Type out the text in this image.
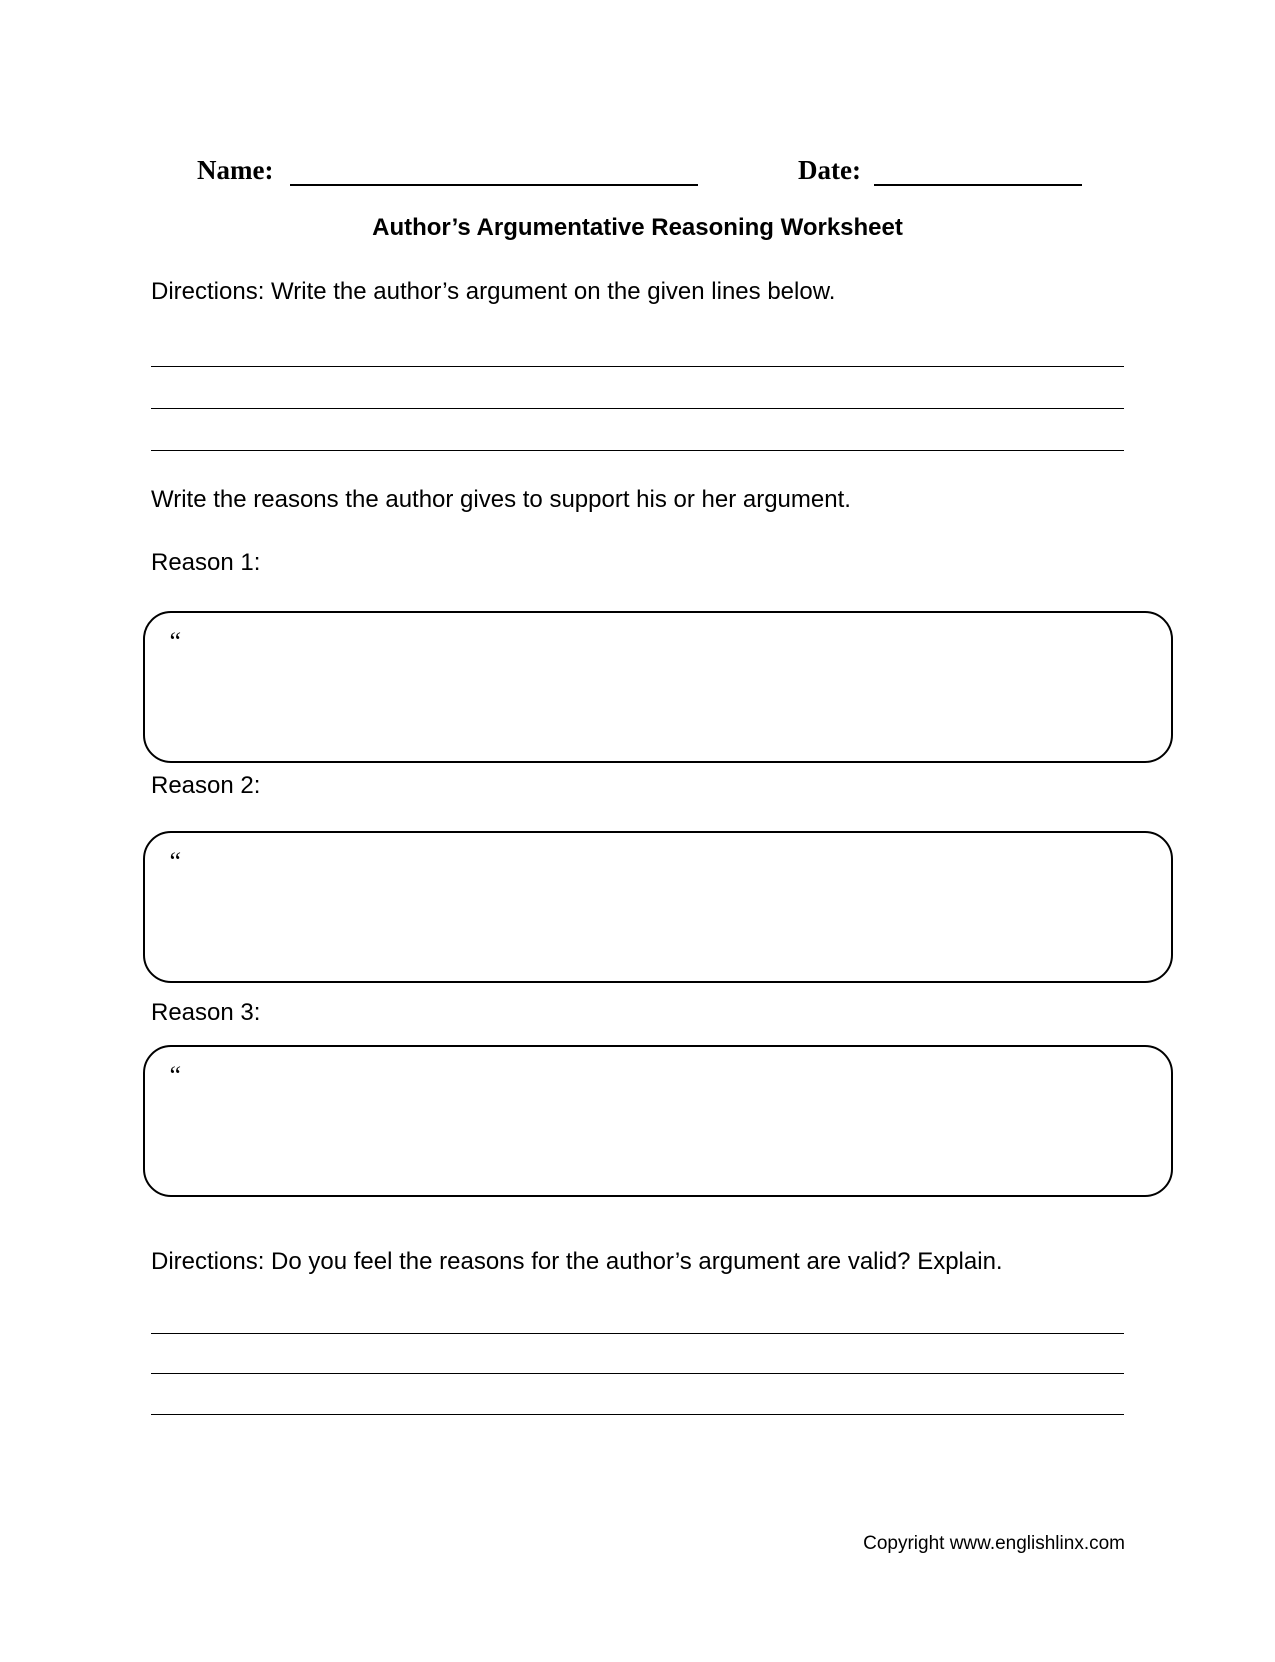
Name:	Date:
Author’s Argumentative Reasoning Worksheet
Directions: Write the author’s argument on the given lines below.
Write the reasons the author gives to support his or her argument.
Reason 1:
“
Reason 2:
“
Reason 3:
“
Directions: Do you feel the reasons for the author’s argument are valid? Explain.
Copyright www.englishlinx.com
